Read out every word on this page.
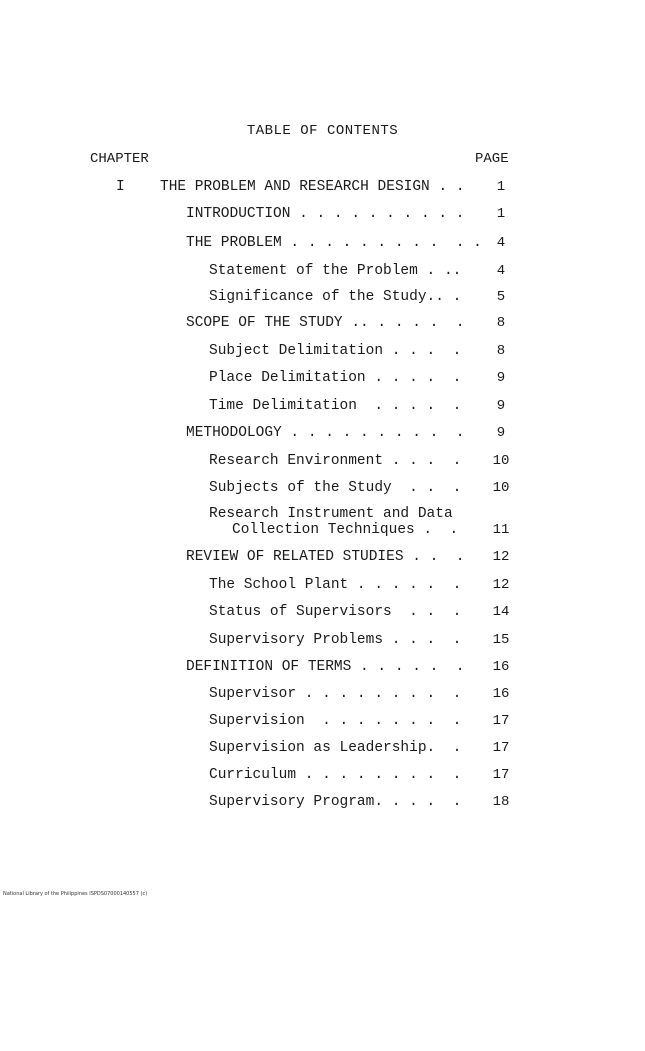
TABLE OF CONTENTS
CHAPTER	PAGE
I THE PROBLEM AND RESEARCH DESIGN . .	1
INTRODUCTION . . . . . . . . . .	1
THE PROBLEM . . . . . . . . .  . .	4
Statement of the Problem . ..	4
Significance of the Study.. .	5
SCOPE OF THE STUDY .. . . . .  .	8
Subject Delimitation . . .  .	8
Place Delimitation . . . .  .	9
Time Delimitation  . . . .  .	9
METHODOLOGY . . . . . . . . .  .	9
Research Environment . . .  .	10
Subjects of the Study  . .  .	10
Research Instrument and Data
Collection Techniques .  .	11
REVIEW OF RELATED STUDIES . .  .	12
The School Plant . . . . .  .	12
Status of Supervisors  . .  .	14
Supervisory Problems . . .  .	15
DEFINITION OF TERMS . . . . .  .	16
Supervisor . . . . . . . .  .	16
Supervision  . . . . . . .  .	17
Supervision as Leadership.  .	17
Curriculum . . . . . . . .  .	17
Supervisory Program. . . .  .	18
National Library of the Philippines ISPDS07000140557 (c)
